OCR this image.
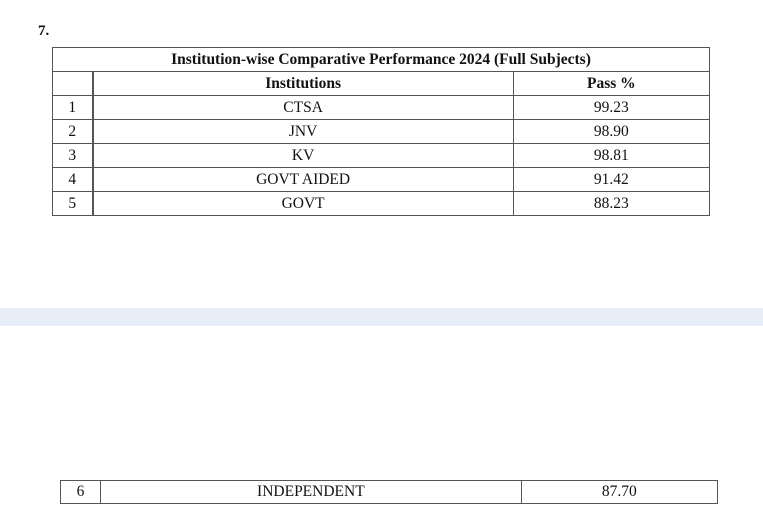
7.
Institution-wise Comparative Performance 2024 (Full Subjects)		
	Institutions	Pass %
1	CTSA	99.23
2	JNV	98.90
3	KV	98.81
4	GOVT AIDED	91.42
5	GOVT	88.23
6	INDEPENDENT	87.70
